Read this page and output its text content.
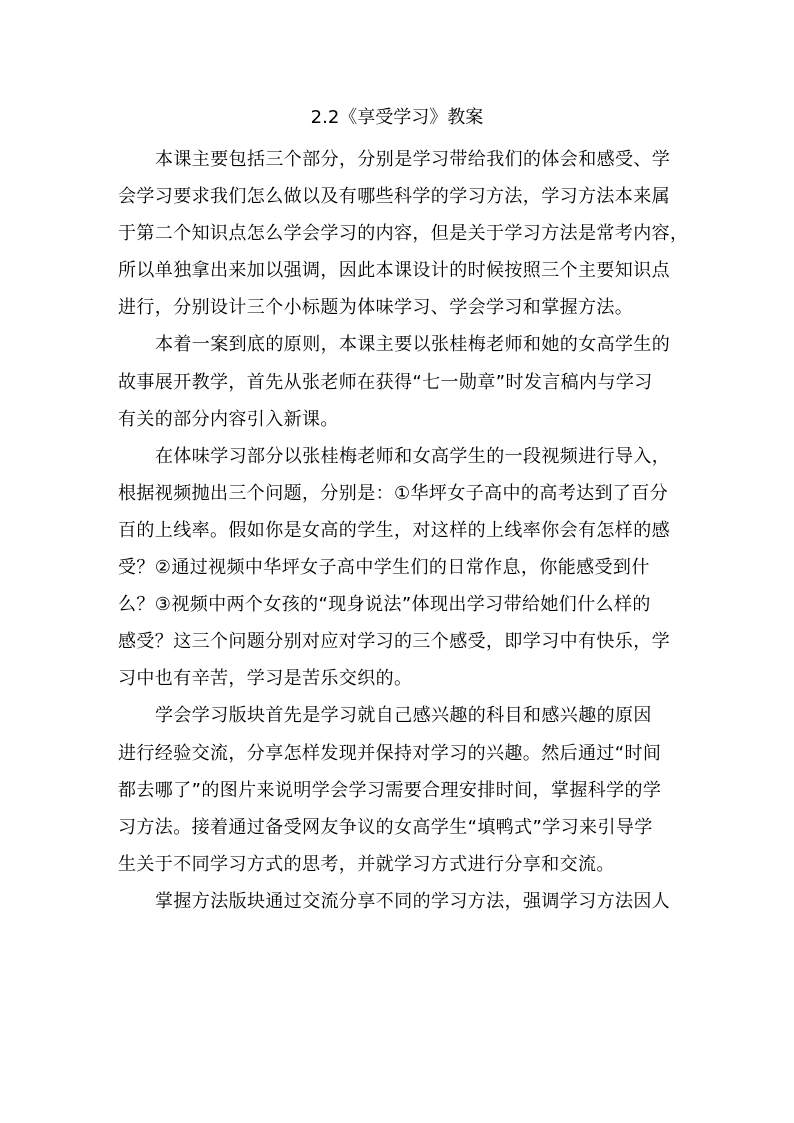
2.2《享受学习》教案
本课主要包括三个部分，分别是学习带给我们的体会和感受、学
会学习要求我们怎么做以及有哪些科学的学习方法，学习方法本来属
于第二个知识点怎么学会学习的内容，但是关于学习方法是常考内容，
所以单独拿出来加以强调，因此本课设计的时候按照三个主要知识点
进行，分别设计三个小标题为体味学习、学会学习和掌握方法。
本着一案到底的原则，本课主要以张桂梅老师和她的女高学生的
故事展开教学，首先从张老师在获得“七一勋章”时发言稿内与学习
有关的部分内容引入新课。
在体味学习部分以张桂梅老师和女高学生的一段视频进行导入，
根据视频抛出三个问题，分别是：①华坪女子高中的高考达到了百分
百的上线率。假如你是女高的学生，对这样的上线率你会有怎样的感
受？②通过视频中华坪女子高中学生们的日常作息，你能感受到什
么？③视频中两个女孩的“现身说法”体现出学习带给她们什么样的
感受？这三个问题分别对应对学习的三个感受，即学习中有快乐，学
习中也有辛苦，学习是苦乐交织的。
学会学习版块首先是学习就自己感兴趣的科目和感兴趣的原因
进行经验交流，分享怎样发现并保持对学习的兴趣。然后通过“时间
都去哪了”的图片来说明学会学习需要合理安排时间，掌握科学的学
习方法。接着通过备受网友争议的女高学生“填鸭式”学习来引导学
生关于不同学习方式的思考，并就学习方式进行分享和交流。
掌握方法版块通过交流分享不同的学习方法，强调学习方法因人
